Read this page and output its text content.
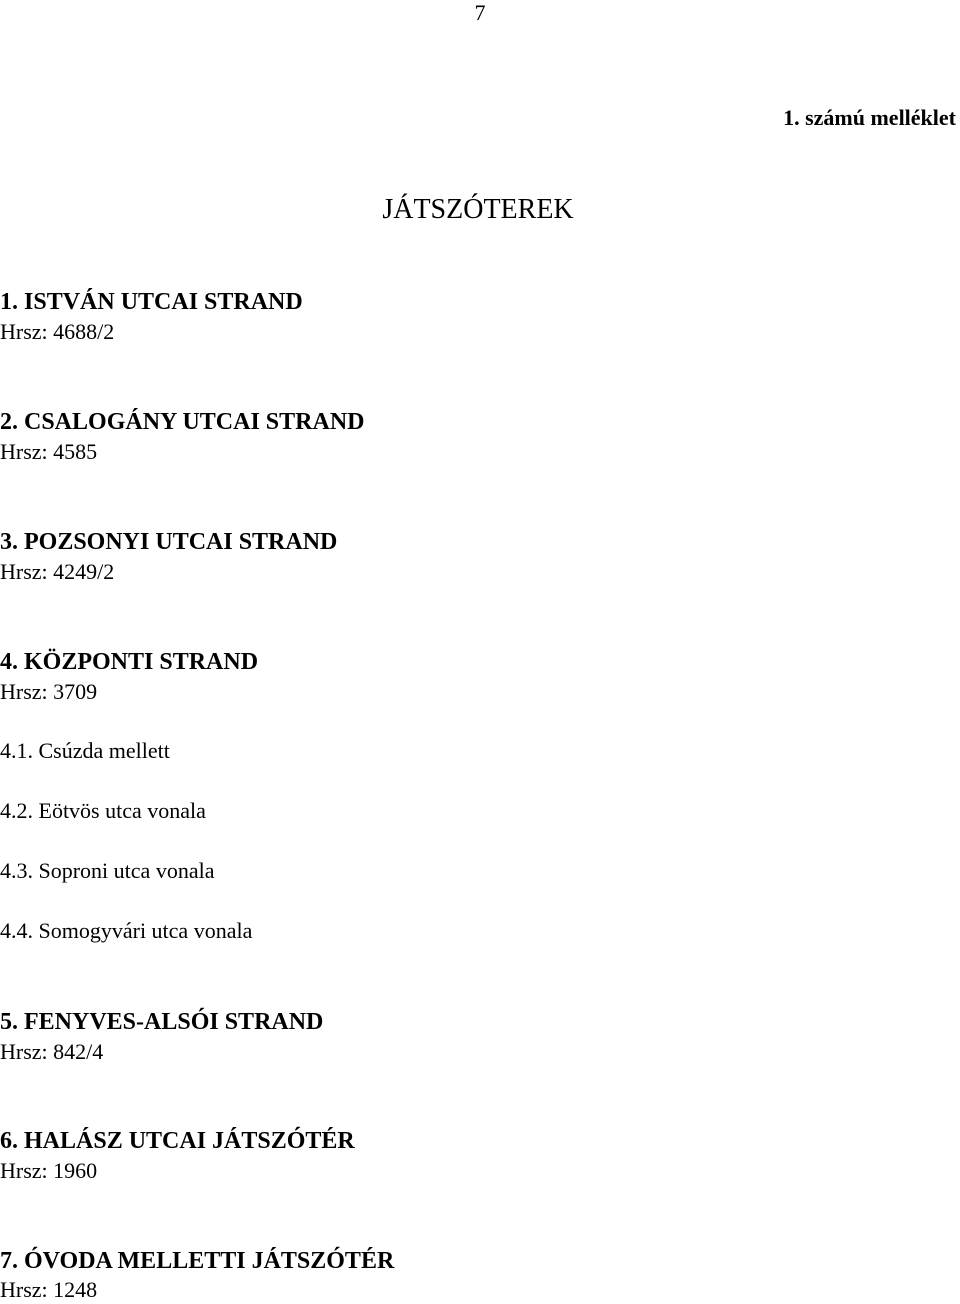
7
1. számú melléklet
JÁTSZÓTEREK
1. ISTVÁN UTCAI STRAND
Hrsz: 4688/2
2. CSALOGÁNY UTCAI STRAND
Hrsz: 4585
3. POZSONYI UTCAI STRAND
Hrsz: 4249/2
4. KÖZPONTI STRAND
Hrsz: 3709
4.1. Csúzda mellett
4.2. Eötvös utca vonala
4.3. Soproni utca vonala
4.4. Somogyvári utca vonala
5. FENYVES-ALSÓI STRAND
Hrsz: 842/4
6. HALÁSZ UTCAI JÁTSZÓTÉR
Hrsz: 1960
7. ÓVODA MELLETTI JÁTSZÓTÉR
Hrsz: 1248
